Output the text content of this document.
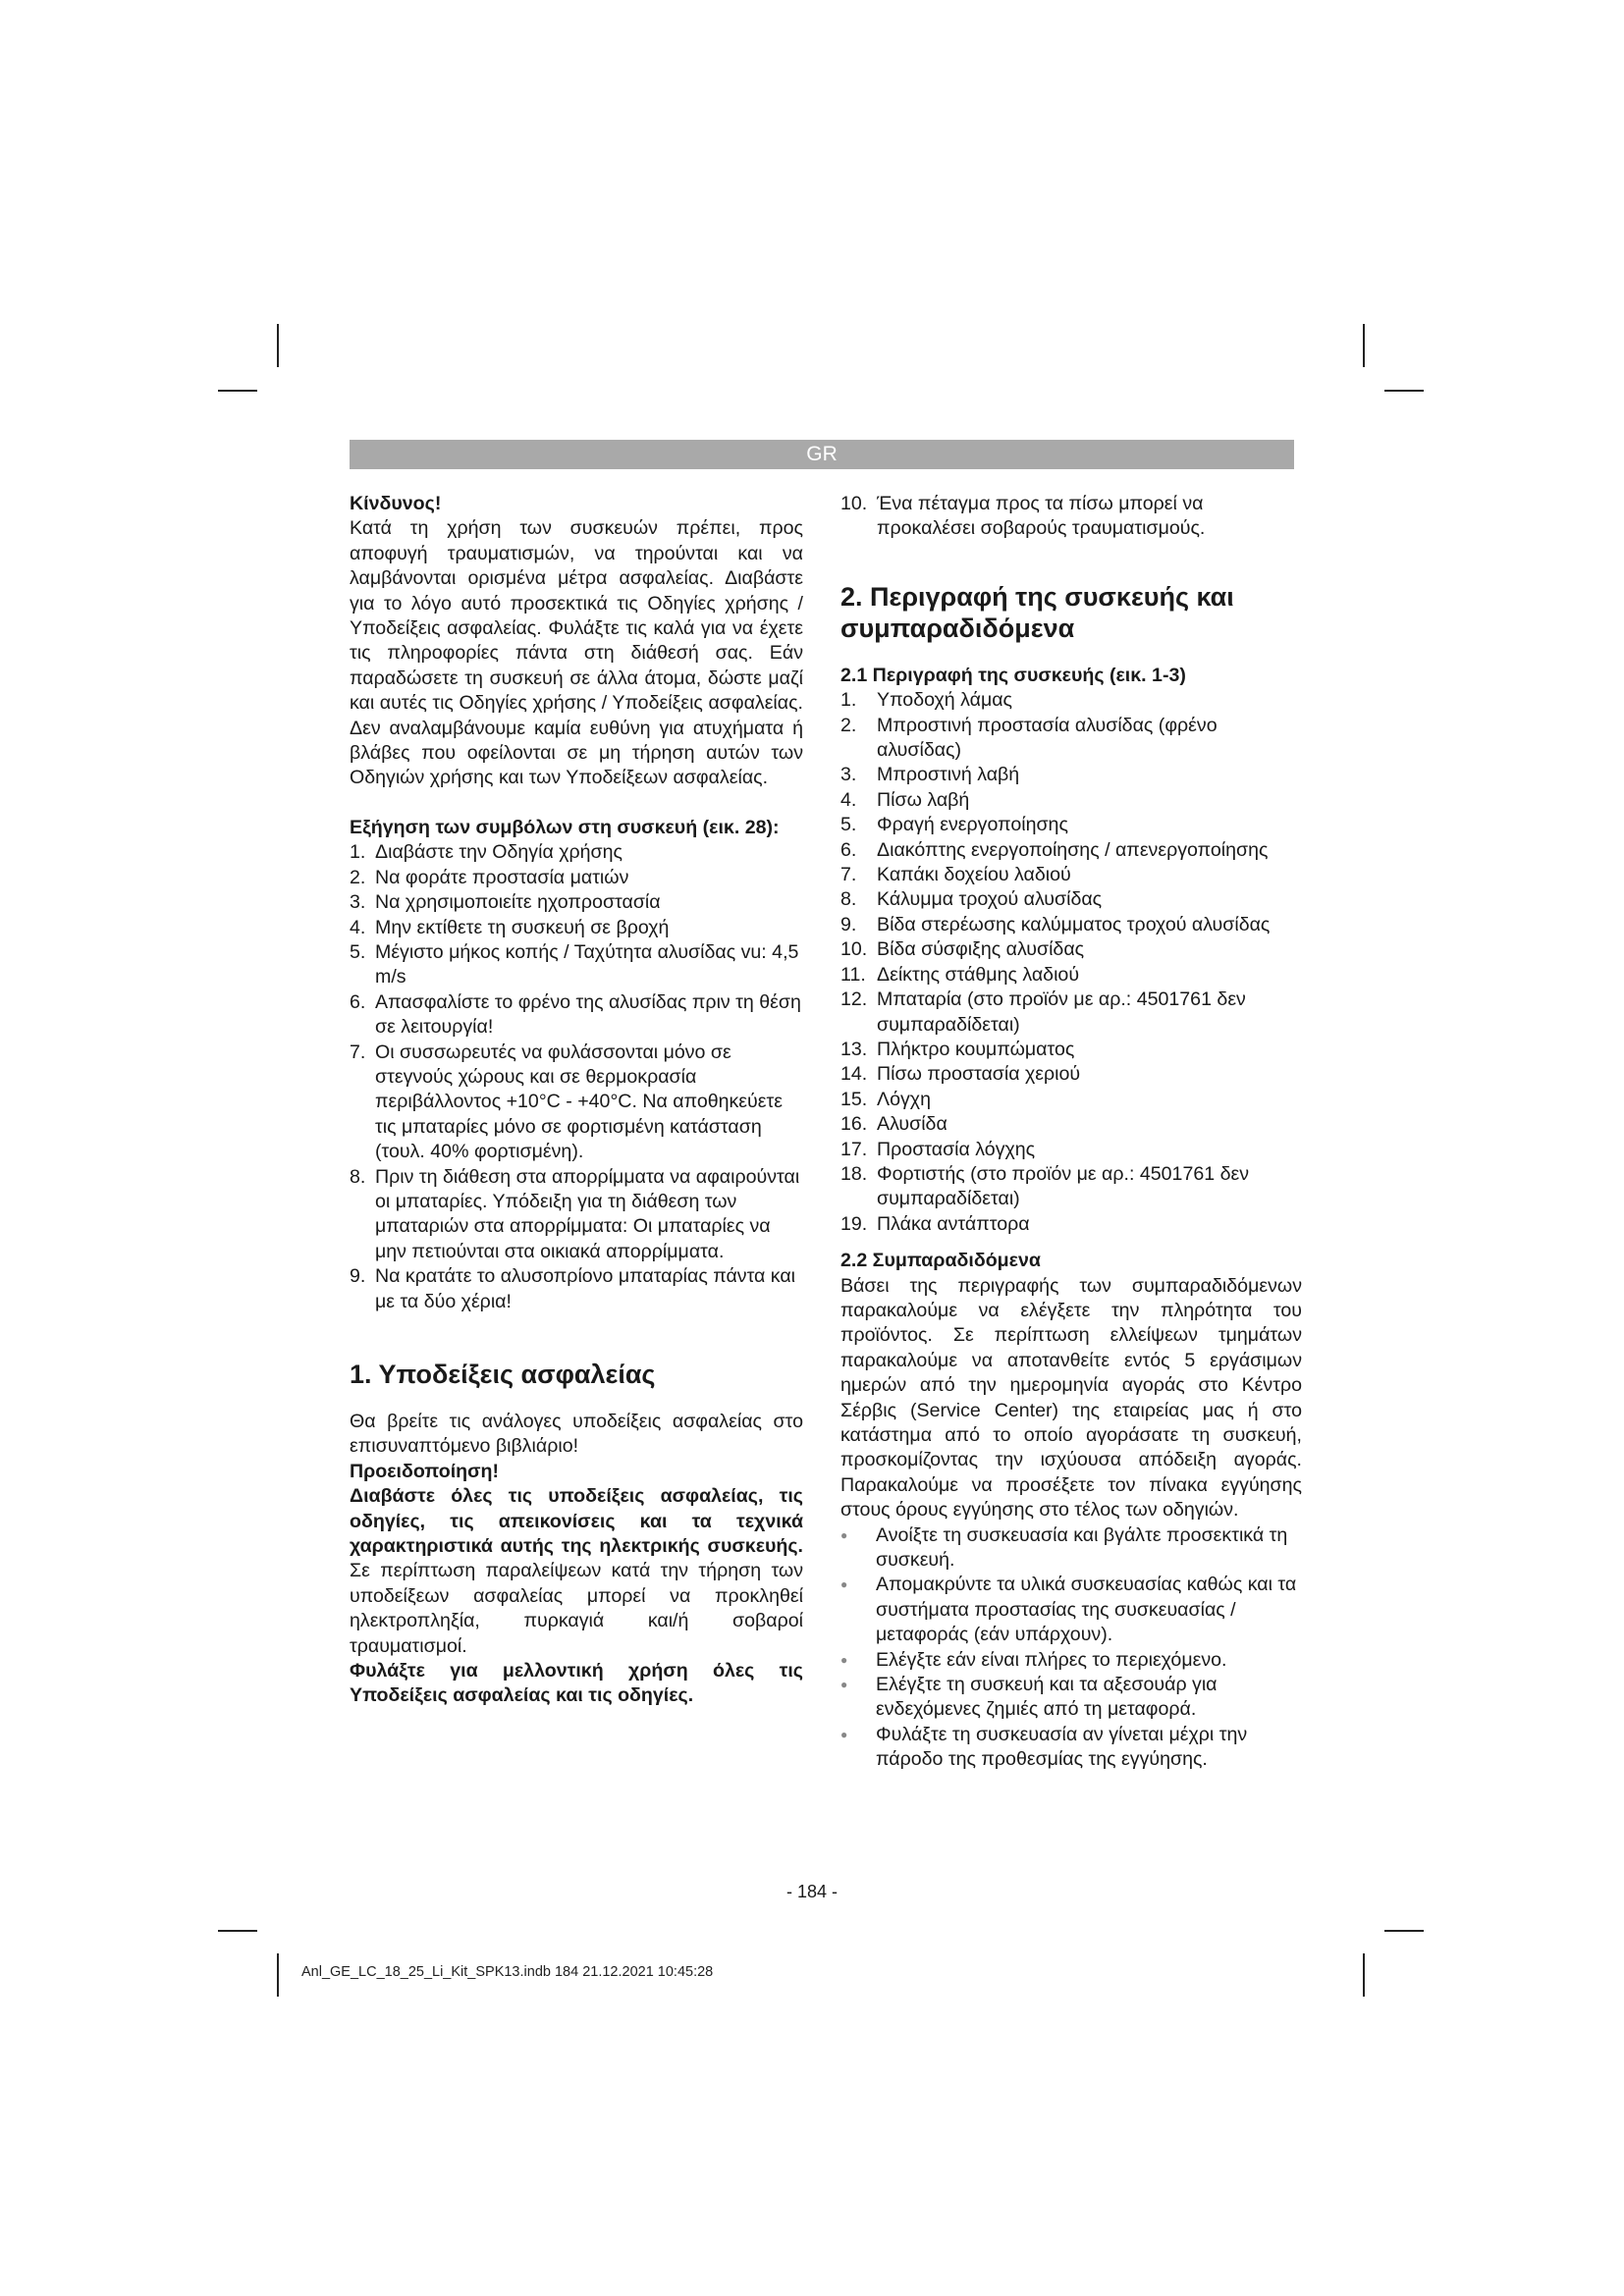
GR

Κίνδυνος!

Κατά τη χρήση των συσκευών πρέπει, προς αποφυγή τραυματισμών, να τηρούνται και να λαμβάνονται ορισμένα μέτρα ασφαλείας. Διαβάστε για το λόγο αυτό προσεκτικά τις Οδηγίες χρήσης / Υποδείξεις ασφαλείας. Φυλάξτε τις καλά για να έχετε τις πληροφορίες πάντα στη διάθεσή σας. Εάν παραδώσετε τη συσκευή σε άλλα άτομα, δώστε μαζί και αυτές τις Οδηγίες χρήσης / Υποδείξεις ασφαλείας. Δεν αναλαμβάνουμε καμία ευθύνη για ατυχήματα ή βλάβες που οφείλονται σε μη τήρηση αυτών των Οδηγιών χρήσης και των Υποδείξεων ασφαλείας.

Εξήγηση των συμβόλων στη συσκευή (εικ. 28):

1. Διαβάστε την Οδηγία χρήσης
2. Να φοράτε προστασία ματιών
3. Να χρησιμοποιείτε ηχοπροστασία
4. Μην εκτίθετε τη συσκευή σε βροχή
5. Μέγιστο μήκος κοπής / Ταχύτητα αλυσίδας vu: 4,5 m/s
6. Απασφαλίστε το φρένο της αλυσίδας πριν τη θέση σε λειτουργία!
7. Οι συσσωρευτές να φυλάσσονται μόνο σε στεγνούς χώρους και σε θερμοκρασία περιβάλλοντος +10°C - +40°C. Να αποθηκεύετε τις μπαταρίες μόνο σε φορτισμένη κατάσταση (τουλ. 40% φορτισμένη).
8. Πριν τη διάθεση στα απορρίμματα να αφαιρούνται οι μπαταρίες. Υπόδειξη για τη διάθεση των μπαταριών στα απορρίμματα: Οι μπαταρίες να μην πετιούνται στα οικιακά απορρίμματα.
9. Να κρατάτε το αλυσοπρίονο μπαταρίας πάντα και με τα δύο χέρια!

1. Υποδείξεις ασφαλείας

Θα βρείτε τις ανάλογες υποδείξεις ασφαλείας στο επισυναπτόμενο βιβλιάριο!

Προειδοποίηση!

Διαβάστε όλες τις υποδείξεις ασφαλείας, τις οδηγίες, τις απεικονίσεις και τα τεχνικά χαρακτηριστικά αυτής της ηλεκτρικής συσκευής. Σε περίπτωση παραλείψεων κατά την τήρηση των υποδείξεων ασφαλείας μπορεί να προκληθεί ηλεκτροπληξία, πυρκαγιά και/ή σοβαροί τραυματισμοί.

Φυλάξτε για μελλοντική χρήση όλες τις Υποδείξεις ασφαλείας και τις οδηγίες.

10. Ένα πέταγμα προς τα πίσω μπορεί να προκαλέσει σοβαρούς τραυματισμούς.

2. Περιγραφή της συσκευής και συμπαραδιδόμενα

2.1 Περιγραφή της συσκευής (εικ. 1-3)

1.	Υποδοχή λάμας
2.	Μπροστινή προστασία αλυσίδας (φρένο αλυσίδας)
3.	Μπροστινή λαβή
4.	Πίσω λαβή
5.	Φραγή ενεργοποίησης
6.	Διακόπτης ενεργοποίησης / απενεργοποίησης
7.	Καπάκι δοχείου λαδιού
8.	Κάλυμμα τροχού αλυσίδας
9.	Βίδα στερέωσης καλύμματος τροχού αλυσίδας
10. Βίδα σύσφιξης αλυσίδας
11. Δείκτης στάθμης λαδιού
12. Μπαταρία (στο προϊόν με αρ.: 4501761 δεν συμπαραδίδεται)
13. Πλήκτρο κουμπώματος
14. Πίσω προστασία χεριού
15. Λόγχη
16. Αλυσίδα
17. Προστασία λόγχης
18. Φορτιστής (στο προϊόν με αρ.: 4501761 δεν συμπαραδίδεται)
19. Πλάκα αντάπτορα

2.2 Συμπαραδιδόμενα

Βάσει της περιγραφής των συμπαραδιδόμενων παρακαλούμε να ελέγξετε την πληρότητα του προϊόντος. Σε περίπτωση ελλείψεων τμημάτων παρακαλούμε να αποτανθείτε εντός 5 εργάσιμων ημερών από την ημερομηνία αγοράς στο Κέντρο Σέρβις (Service Center) της εταιρείας μας ή στο κατάστημα από το οποίο αγοράσατε τη συσκευή, προσκομίζοντας την ισχύουσα απόδειξη αγοράς. Παρακαλούμε να προσέξετε τον πίνακα εγγύησης στους όρους εγγύησης στο τέλος των οδηγιών.

●	Ανοίξτε τη συσκευασία και βγάλτε προσεκτικά τη συσκευή.
●	Απομακρύντε τα υλικά συσκευασίας καθώς και τα συστήματα προστασίας της συσκευασίας / μεταφοράς (εάν υπάρχουν).
●	Ελέγξτε εάν είναι πλήρες το περιεχόμενο.
●	Ελέγξτε τη συσκευή και τα αξεσουάρ για ενδεχόμενες ζημιές από τη μεταφορά.
●	Φυλάξτε τη συσκευασία αν γίνεται μέχρι την πάροδο της προθεσμίας της εγγύησης.
- 184 -
Anl_GE_LC_18_25_Li_Kit_SPK13.indb 184 21.12.2021 10:45:28
